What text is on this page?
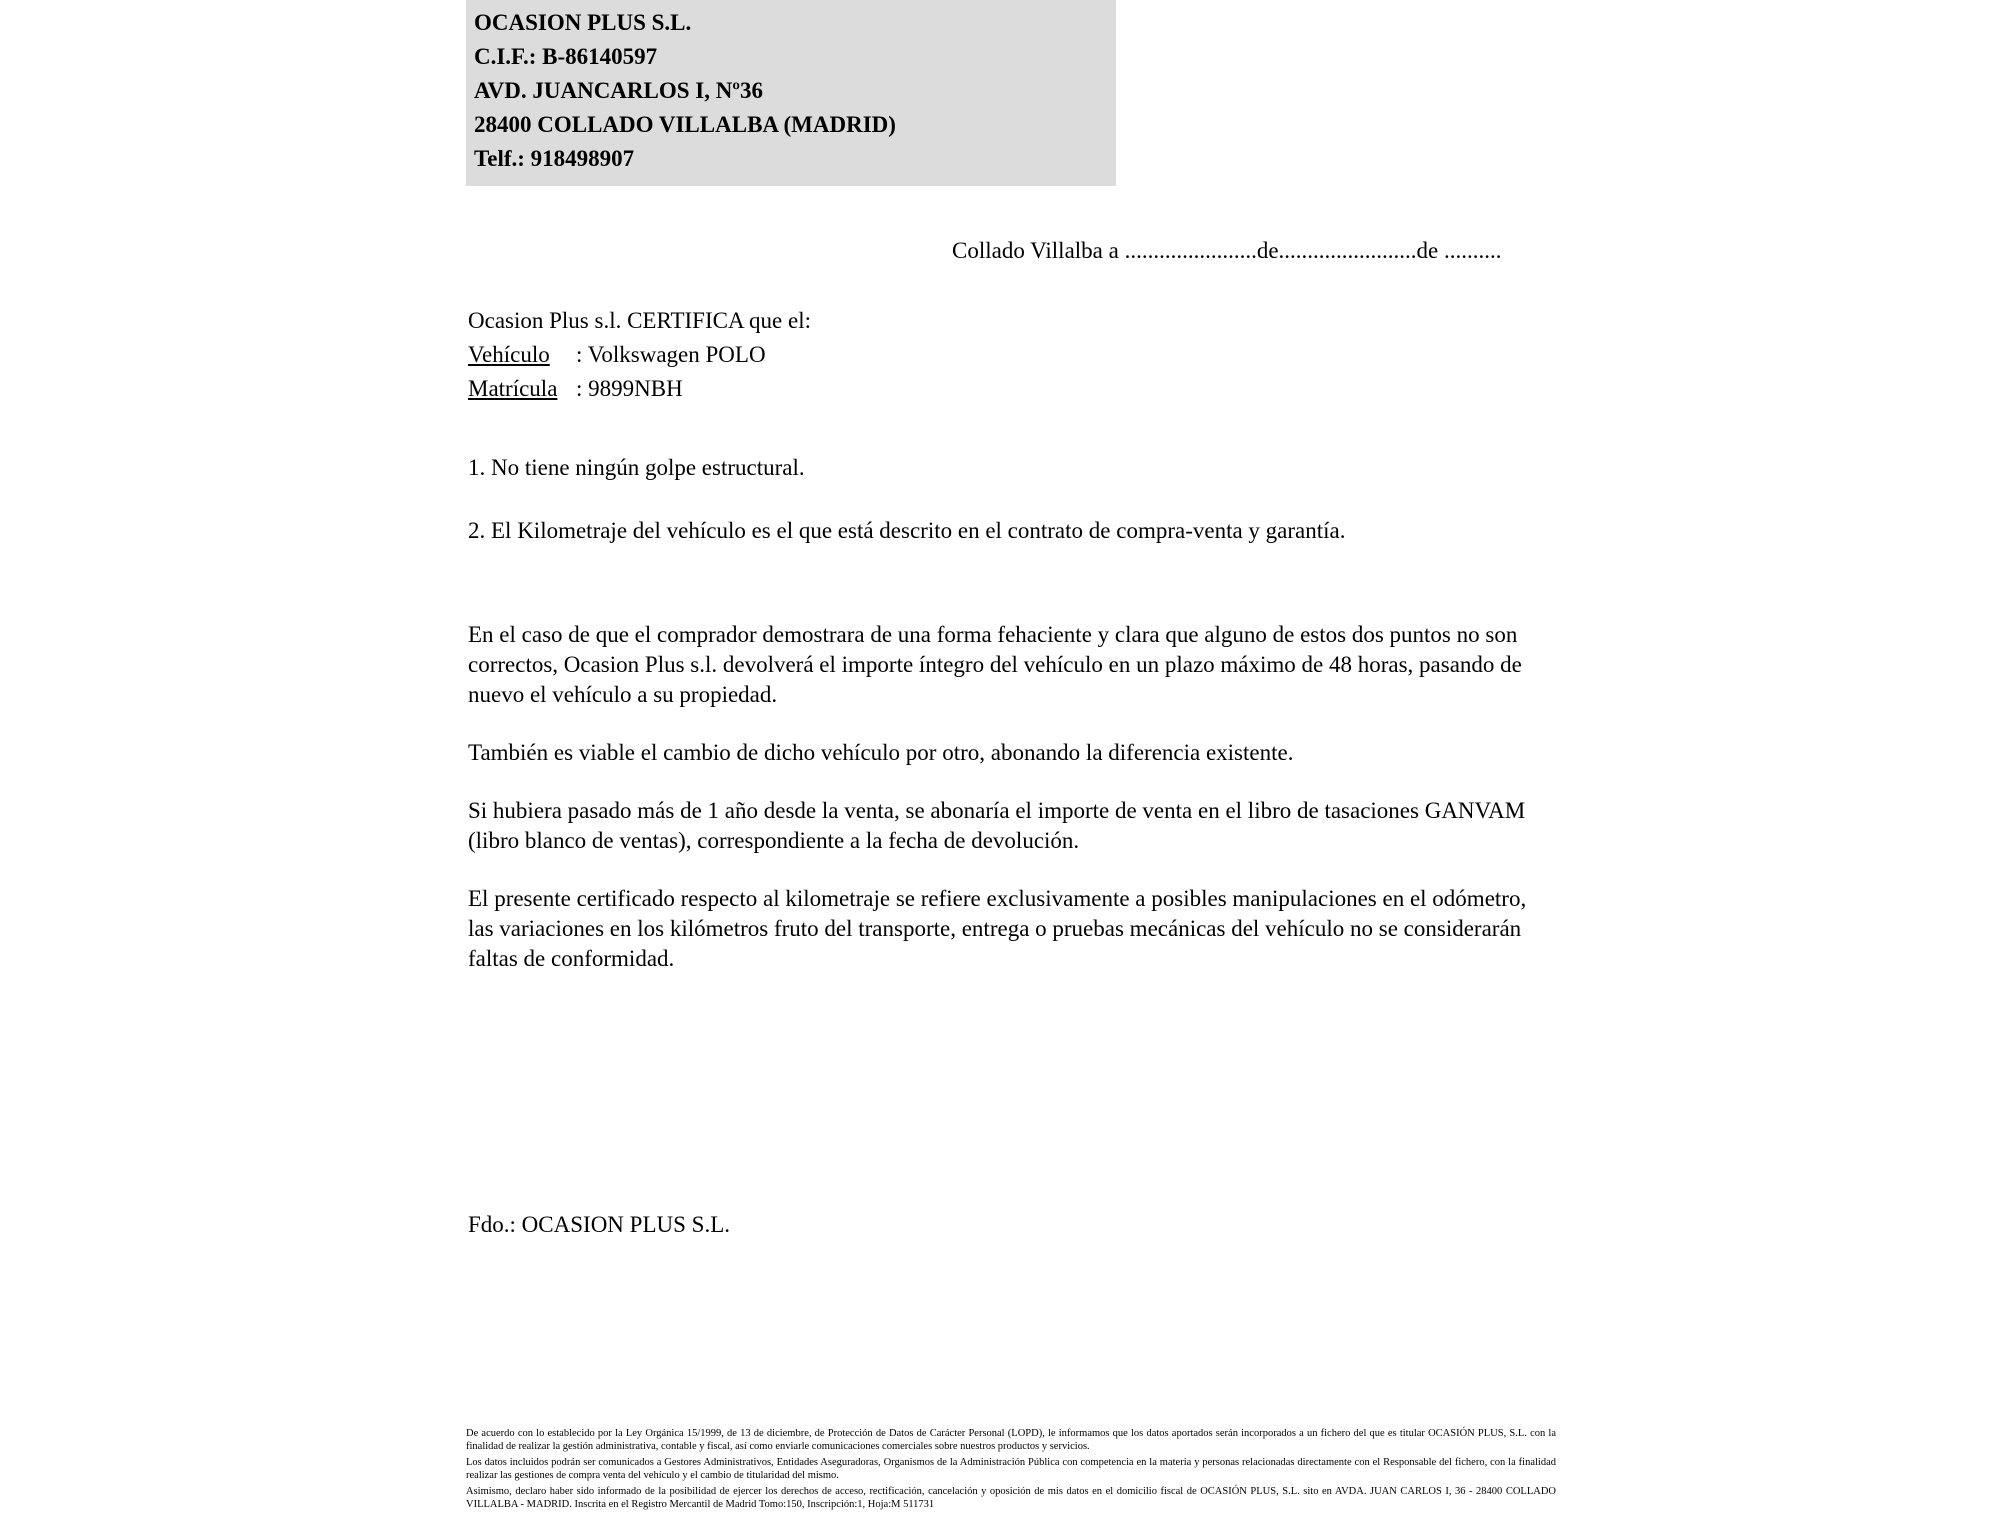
OCASION PLUS S.L.
C.I.F.: B-86140597
AVD. JUANCARLOS I, Nº36
28400 COLLADO VILLALBA (MADRID)
Telf.: 918498907
Collado Villalba a .......................de........................de ..........
Ocasion Plus s.l. CERTIFICA que el:
Vehículo : Volkswagen POLO
Matrícula : 9899NBH

1. No tiene ningún golpe estructural.

2. El Kilometraje del vehículo es el que está descrito en el contrato de compra-venta y garantía.

En el caso de que el comprador demostrara de una forma fehaciente y clara que alguno de estos dos puntos no son correctos, Ocasion Plus s.l. devolverá el importe íntegro del vehículo en un plazo máximo de 48 horas, pasando de nuevo el vehículo a su propiedad.

También es viable el cambio de dicho vehículo por otro, abonando la diferencia existente.

Si hubiera pasado más de 1 año desde la venta, se abonaría el importe de venta en el libro de tasaciones GANVAM (libro blanco de ventas), correspondiente a la fecha de devolución.

El presente certificado respecto al kilometraje se refiere exclusivamente a posibles manipulaciones en el odómetro, las variaciones en los kilómetros fruto del transporte, entrega o pruebas mecánicas del vehículo no se considerarán faltas de conformidad.

Fdo.: OCASION PLUS S.L.

De acuerdo con lo establecido por la Ley Orgánica 15/1999, de 13 de diciembre, de Protección de Datos de Carácter Personal (LOPD), le informamos que los datos aportados serán incorporados a un fichero del que es titular OCASIÓN PLUS, S.L. con la finalidad de realizar la gestión administrativa, contable y fiscal, así como enviarle comunicaciones comerciales sobre nuestros productos y servicios.

Los datos incluidos podrán ser comunicados a Gestores Administrativos, Entidades Aseguradoras, Organismos de la Administración Pública con competencia en la materia y personas relacionadas directamente con el Responsable del fichero, con la finalidad realizar las gestiones de compra venta del vehículo y el cambio de titularidad del mismo.

Asimismo, declaro haber sido informado de la posibilidad de ejercer los derechos de acceso, rectificación, cancelación y oposición de mis datos en el domicilio fiscal de OCASIÓN PLUS, S.L. sito en AVDA. JUAN CARLOS I, 36 - 28400 COLLADO VILLALBA - MADRID. Inscrita en el Registro Mercantil de Madrid Tomo:150, Inscripción:1, Hoja:M 511731
